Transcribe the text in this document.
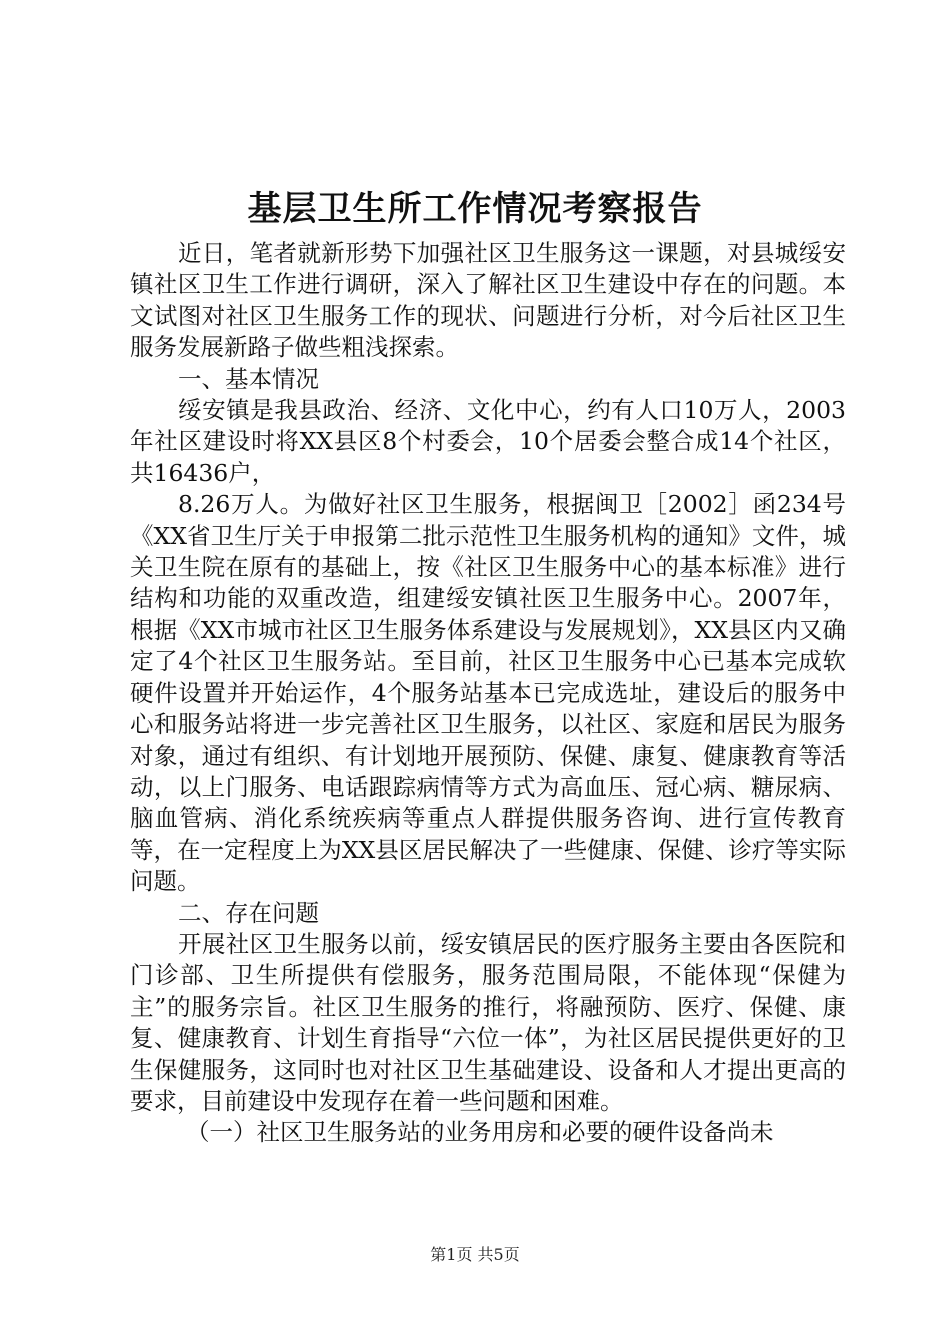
基层卫生所工作情况考察报告

近日，笔者就新形势下加强社区卫生服务这一课题，对县城绥安镇社区卫生工作进行调研，深入了解社区卫生建设中存在的问题。本文试图对社区卫生服务工作的现状、问题进行分析，对今后社区卫生服务发展新路子做些粗浅探索。

一、基本情况

绥安镇是我县政治、经济、文化中心，约有人口10万人，2003年社区建设时将XX县区8个村委会，10个居委会整合成14个社区，共16436户，

8.26万人。为做好社区卫生服务，根据闽卫［2002］函234号《XX省卫生厅关于申报第二批示范性卫生服务机构的通知》文件，城关卫生院在原有的基础上，按《社区卫生服务中心的基本标准》进行结构和功能的双重改造，组建绥安镇社医卫生服务中心。2007年，根据《XX市城市社区卫生服务体系建设与发展规划》，XX县区内又确定了4个社区卫生服务站。至目前，社区卫生服务中心已基本完成软硬件设置并开始运作，4个服务站基本已完成选址，建设后的服务中心和服务站将进一步完善社区卫生服务，以社区、家庭和居民为服务对象，通过有组织、有计划地开展预防、保健、康复、健康教育等活动，以上门服务、电话跟踪病情等方式为高血压、冠心病、糖尿病、脑血管病、消化系统疾病等重点人群提供服务咨询、进行宣传教育等，在一定程度上为XX县区居民解决了一些健康、保健、诊疗等实际问题。

二、存在问题

开展社区卫生服务以前，绥安镇居民的医疗服务主要由各医院和门诊部、卫生所提供有偿服务，服务范围局限，不能体现“保健为主”的服务宗旨。社区卫生服务的推行，将融预防、医疗、保健、康复、健康教育、计划生育指导“六位一体”，为社区居民提供更好的卫生保健服务，这同时也对社区卫生基础建设、设备和人才提出更高的要求，目前建设中发现存在着一些问题和困难。

（一）社区卫生服务站的业务用房和必要的硬件设备尚未

第1页 共5页
